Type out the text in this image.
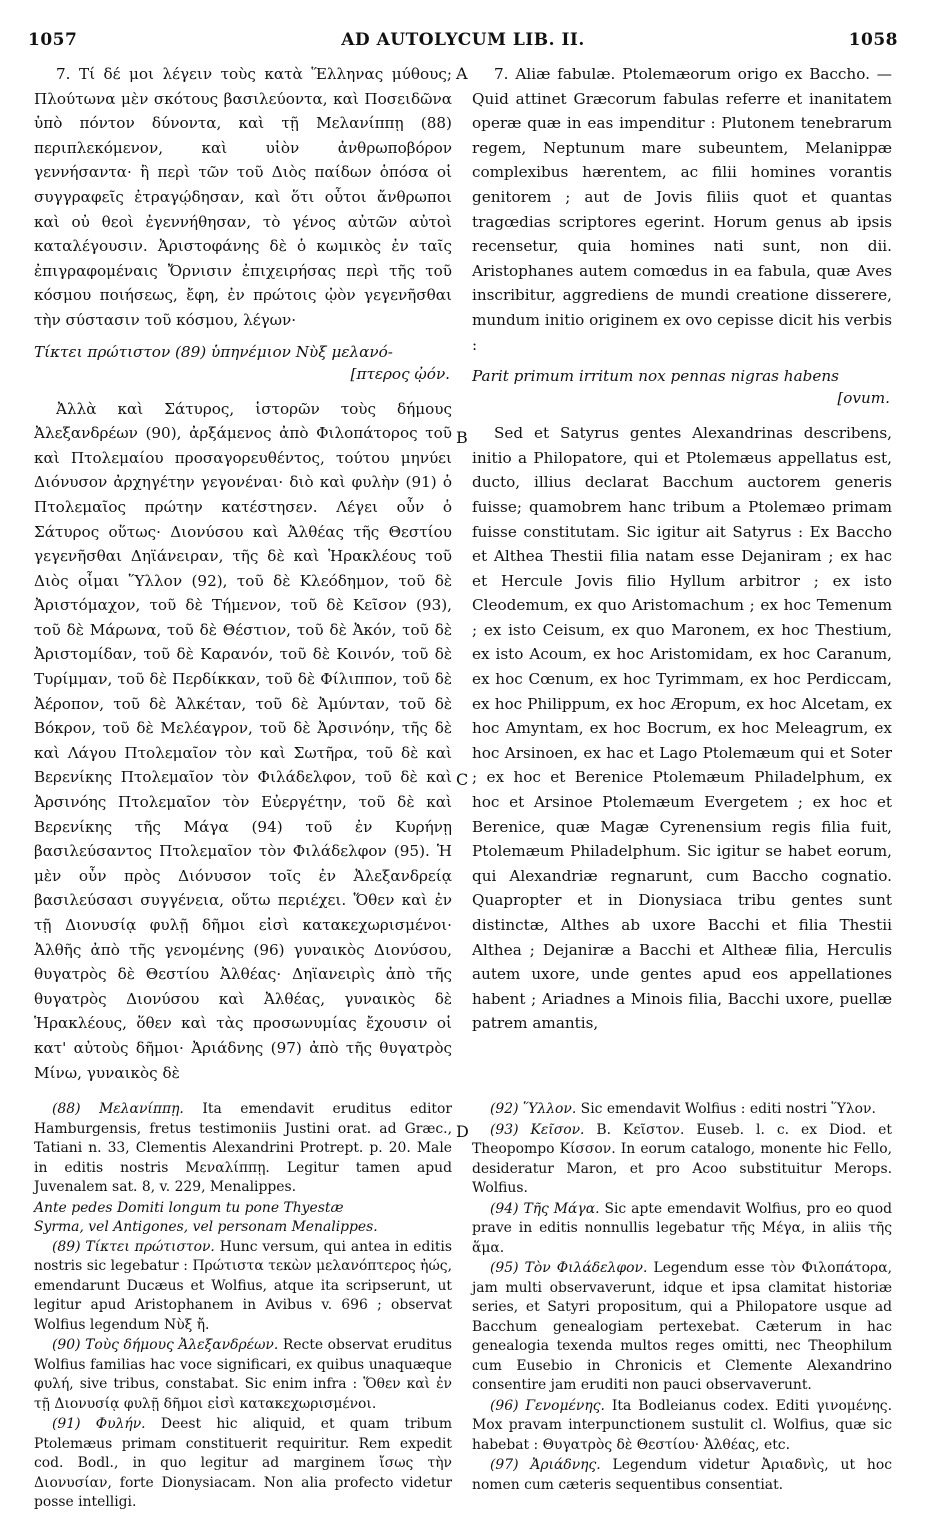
1057	AD AUTOLYCUM LIB. II.	1058
A
B
C
D

7. Τί δέ μοι λέγειν τοὺς κατὰ Ἕλληνας μύθους; Πλούτωνα μὲν σκότους βασιλεύοντα, καὶ Ποσειδῶνα ὑπὸ πόντον δύνοντα, καὶ τῇ Μελανίππῃ (88) περιπλεκόμενον, καὶ υἱὸν ἀνθρωποβόρον γεννήσαντα· ἢ περὶ τῶν τοῦ Διὸς παίδων ὁπόσα οἱ συγγραφεῖς ἐτραγῴδησαν, καὶ ὅτι οὗτοι ἄνθρωποι καὶ οὐ θεοὶ ἐγεννήθησαν, τὸ γένος αὐτῶν αὐτοὶ καταλέγουσιν. Ἀριστοφάνης δὲ ὁ κωμικὸς ἐν ταῖς ἐπιγραφομέναις Ὄρνισιν ἐπιχειρήσας περὶ τῆς τοῦ κόσμου ποιήσεως, ἔφη, ἐν πρώτοις ᾠὸν γεγενῆσθαι τὴν σύστασιν τοῦ κόσμου, λέγων·

Τίκτει πρώτιστον (89) ὑπηνέμιον Νὺξ μελανό-
[πτερος ᾠόν.

Ἀλλὰ καὶ Σάτυρος, ἱστορῶν τοὺς δήμους Ἀλεξανδρέων (90), ἀρξάμενος ἀπὸ Φιλοπάτορος τοῦ καὶ Πτολεμαίου προσαγορευθέντος, τούτου μηνύει Διόνυσον ἀρχηγέτην γεγονέναι· διὸ καὶ φυλὴν (91) ὁ Πτολεμαῖος πρώτην κατέστησεν. Λέγει οὖν ὁ Σάτυρος οὕτως· Διονύσου καὶ Ἀλθέας τῆς Θεστίου γεγενῆσθαι Δηϊάνειραν, τῆς δὲ καὶ Ἡρακλέους τοῦ Διὸς οἶμαι Ὕλλον (92), τοῦ δὲ Κλεόδημον, τοῦ δὲ Ἀριστόμαχον, τοῦ δὲ Τήμενον, τοῦ δὲ Κεῖσον (93), τοῦ δὲ Μάρωνα, τοῦ δὲ Θέστιον, τοῦ δὲ Ἀκόν, τοῦ δὲ Ἀριστομίδαν, τοῦ δὲ Καρανόν, τοῦ δὲ Κοινόν, τοῦ δὲ Τυρίμμαν, τοῦ δὲ Περδίκκαν, τοῦ δὲ Φίλιππον, τοῦ δὲ Ἀέροπον, τοῦ δὲ Ἀλκέταν, τοῦ δὲ Ἀμύνταν, τοῦ δὲ Βόκρον, τοῦ δὲ Μελέαγρον, τοῦ δὲ Ἀρσινόην, τῆς δὲ καὶ Λάγου Πτολεμαῖον τὸν καὶ Σωτῆρα, τοῦ δὲ καὶ Βερενίκης Πτολεμαῖον τὸν Φιλάδελφον, τοῦ δὲ καὶ Ἀρσινόης Πτολεμαῖον τὸν Εὐεργέτην, τοῦ δὲ καὶ Βερενίκης τῆς Μάγα (94) τοῦ ἐν Κυρήνῃ βασιλεύσαντος Πτολεμαῖον τὸν Φιλάδελφον (95). Ἡ μὲν οὖν πρὸς Διόνυσον τοῖς ἐν Ἀλεξανδρείᾳ βασιλεύσασι συγγένεια, οὕτω περιέχει. Ὅθεν καὶ ἐν τῇ Διονυσίᾳ φυλῇ δῆμοι εἰσὶ κατακεχωρισμένοι· Ἀλθῆς ἀπὸ τῆς γενομένης (96) γυναικὸς Διονύσου, θυγατρὸς δὲ Θεστίου Ἀλθέας· Δηϊανειρὶς ἀπὸ τῆς θυγατρὸς Διονύσου καὶ Ἀλθέας, γυναικὸς δὲ Ἡρακλέους, ὅθεν καὶ τὰς προσωνυμίας ἔχουσιν οἱ κατ' αὐτοὺς δῆμοι· Ἀριάδνης (97) ἀπὸ τῆς θυγατρὸς Μίνω, γυναικὸς δὲ

7. Aliæ fabulæ. Ptolemæorum origo ex Baccho. — Quid attinet Græcorum fabulas referre et inanitatem operæ quæ in eas impenditur : Plutonem tenebrarum regem, Neptunum mare subeuntem, Melanippæ complexibus hærentem, ac filii homines vorantis genitorem ; aut de Jovis filiis quot et quantas tragœdias scriptores egerint. Horum genus ab ipsis recensetur, quia homines nati sunt, non dii. Aristophanes autem comœdus in ea fabula, quæ Aves inscribitur, aggrediens de mundi creatione disserere, mundum initio originem ex ovo cepisse dicit his verbis :

Parit primum irritum nox pennas nigras habens
[ovum.

Sed et Satyrus gentes Alexandrinas describens, initio a Philopatore, qui et Ptolemæus appellatus est, ducto, illius declarat Bacchum auctorem generis fuisse; quamobrem hanc tribum a Ptolemæo primam fuisse constitutam. Sic igitur ait Satyrus : Ex Baccho et Althea Thestii filia natam esse Dejaniram ; ex hac et Hercule Jovis filio Hyllum arbitror ; ex isto Cleodemum, ex quo Aristomachum ; ex hoc Temenum ; ex isto Ceisum, ex quo Maronem, ex hoc Thestium, ex isto Acoum, ex hoc Aristomidam, ex hoc Caranum, ex hoc Cœnum, ex hoc Tyrimmam, ex hoc Perdiccam, ex hoc Philippum, ex hoc Æropum, ex hoc Alcetam, ex hoc Amyntam, ex hoc Bocrum, ex hoc Meleagrum, ex hoc Arsinoen, ex hac et Lago Ptolemæum qui et Soter ; ex hoc et Berenice Ptolemæum Philadelphum, ex hoc et Arsinoe Ptolemæum Evergetem ; ex hoc et Berenice, quæ Magæ Cyrenensium regis filia fuit, Ptolemæum Philadelphum. Sic igitur se habet eorum, qui Alexandriæ regnarunt, cum Baccho cognatio. Quapropter et in Dionysiaca tribu gentes sunt distinctæ, Althes ab uxore Bacchi et filia Thestii Althea ; Dejaniræ a Bacchi et Altheæ filia, Herculis autem uxore, unde gentes apud eos appellationes habent ; Ariadnes a Minois filia, Bacchi uxore, puellæ patrem amantis,

(88) Μελανίππῃ. Ita emendavit eruditus editor Hamburgensis, fretus testimoniis Justini orat. ad Græc., Tatiani n. 33, Clementis Alexandrini Protrept. p. 20. Male in editis nostris Μεναλίππῃ. Legitur tamen apud Juvenalem sat. 8, v. 229, Menalippes.

Ante pedes Domiti longum tu pone Thyestæ

Syrma, vel Antigones, vel personam Menalippes.

(89) Τίκτει πρώτιστον. Hunc versum, qui antea in editis nostris sic legebatur : Πρώτιστα τεκὼν μελανόπτερος ἠώς, emendarunt Ducæus et Wolfius, atque ita scripserunt, ut legitur apud Aristophanem in Avibus v. 696 ; observat Wolfius legendum Νὺξ ἤ.

(90) Τοὺς δήμους Ἀλεξανδρέων. Recte observat eruditus Wolfius familias hac voce significari, ex quibus unaquæque φυλή, sive tribus, constabat. Sic enim infra : Ὅθεν καὶ ἐν τῇ Διονυσίᾳ φυλῇ δῆμοι εἰσὶ κατακεχωρισμένοι.

(91) Φυλήν. Deest hic aliquid, et quam tribum Ptolemæus primam constituerit requiritur. Rem expedit cod. Bodl., in quo legitur ad marginem ἴσως τὴν Διονυσίαν, forte Dionysiacam. Non alia profecto videtur posse intelligi.

(92) Ὕλλον. Sic emendavit Wolfius : editi nostri Ὕλον.

(93) Κεῖσον. B. Κεῖστον. Euseb. l. c. ex Diod. et Theopompo Κίσσον. In eorum catalogo, monente hic Fello, desideratur Maron, et pro Acoo substituitur Merops. Wolfius.

(94) Τῆς Μάγα. Sic apte emendavit Wolfius, pro eo quod prave in editis nonnullis legebatur τῆς Μέγα, in aliis τῆς ἅμα.

(95) Τὸν Φιλάδελφον. Legendum esse τὸν Φιλοπάτορα, jam multi observaverunt, idque et ipsa clamitat historiæ series, et Satyri propositum, qui a Philopatore usque ad Bacchum genealogiam pertexebat. Cæterum in hac genealogia texenda multos reges omitti, nec Theophilum cum Eusebio in Chronicis et Clemente Alexandrino consentire jam eruditi non pauci observaverunt.

(96) Γενομένης. Ita Bodleianus codex. Editi γινομένης. Mox pravam interpunctionem sustulit cl. Wolfius, quæ sic habebat : Θυγατρὸς δὲ Θεστίου· Ἀλθέας, etc.

(97) Ἀριάδνης. Legendum videtur Ἀριαδνὶς, ut hoc nomen cum cæteris sequentibus consentiat.
